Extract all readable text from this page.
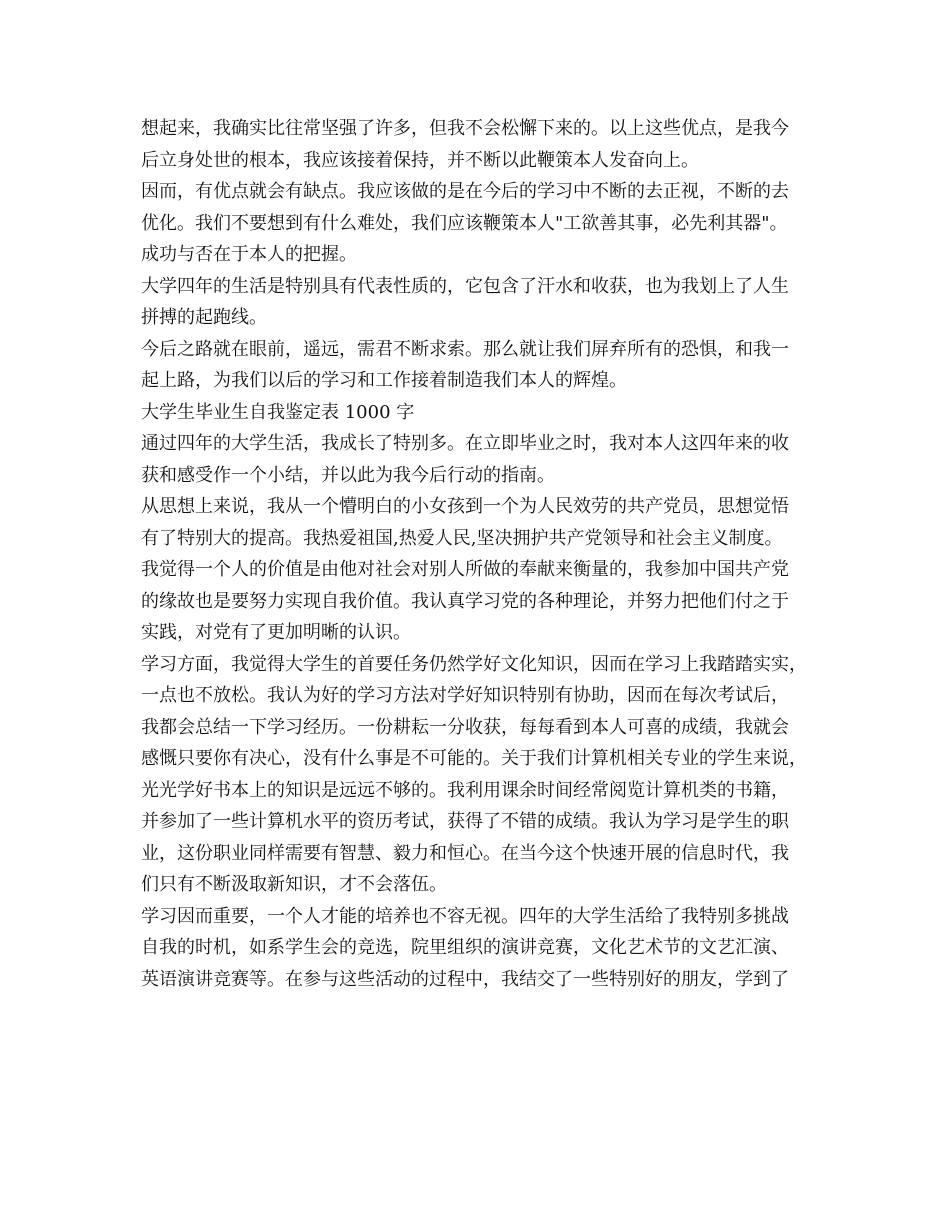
想起来，我确实比往常坚强了许多，但我不会松懈下来的。以上这些优点，是我今
后立身处世的根本，我应该接着保持，并不断以此鞭策本人发奋向上。
因而，有优点就会有缺点。我应该做的是在今后的学习中不断的去正视，不断的去
优化。我们不要想到有什么难处，我们应该鞭策本人"工欲善其事，必先利其器"。
成功与否在于本人的把握。
大学四年的生活是特别具有代表性质的，它包含了汗水和收获，也为我划上了人生
拼搏的起跑线。
今后之路就在眼前，遥远，需君不断求索。那么就让我们屏弃所有的恐惧，和我一
起上路，为我们以后的学习和工作接着制造我们本人的辉煌。
大学生毕业生自我鉴定表 1000 字
通过四年的大学生活，我成长了特别多。在立即毕业之时，我对本人这四年来的收
获和感受作一个小结，并以此为我今后行动的指南。
从思想上来说，我从一个懵明白的小女孩到一个为人民效劳的共产党员，思想觉悟
有了特别大的提高。我热爱祖国,热爱人民,坚决拥护共产党领导和社会主义制度。
我觉得一个人的价值是由他对社会对别人所做的奉献来衡量的，我参加中国共产党
的缘故也是要努力实现自我价值。我认真学习党的各种理论，并努力把他们付之于
实践，对党有了更加明晰的认识。
学习方面，我觉得大学生的首要任务仍然学好文化知识，因而在学习上我踏踏实实，
一点也不放松。我认为好的学习方法对学好知识特别有协助，因而在每次考试后，
我都会总结一下学习经历。一份耕耘一分收获，每每看到本人可喜的成绩，我就会
感慨只要你有决心，没有什么事是不可能的。关于我们计算机相关专业的学生来说，
光光学好书本上的知识是远远不够的。我利用课余时间经常阅览计算机类的书籍，
并参加了一些计算机水平的资历考试，获得了不错的成绩。我认为学习是学生的职
业，这份职业同样需要有智慧、毅力和恒心。在当今这个快速开展的信息时代，我
们只有不断汲取新知识，才不会落伍。
学习因而重要，一个人才能的培养也不容无视。四年的大学生活给了我特别多挑战
自我的时机，如系学生会的竞选，院里组织的演讲竞赛，文化艺术节的文艺汇演、
英语演讲竞赛等。在参与这些活动的过程中，我结交了一些特别好的朋友，学到了
